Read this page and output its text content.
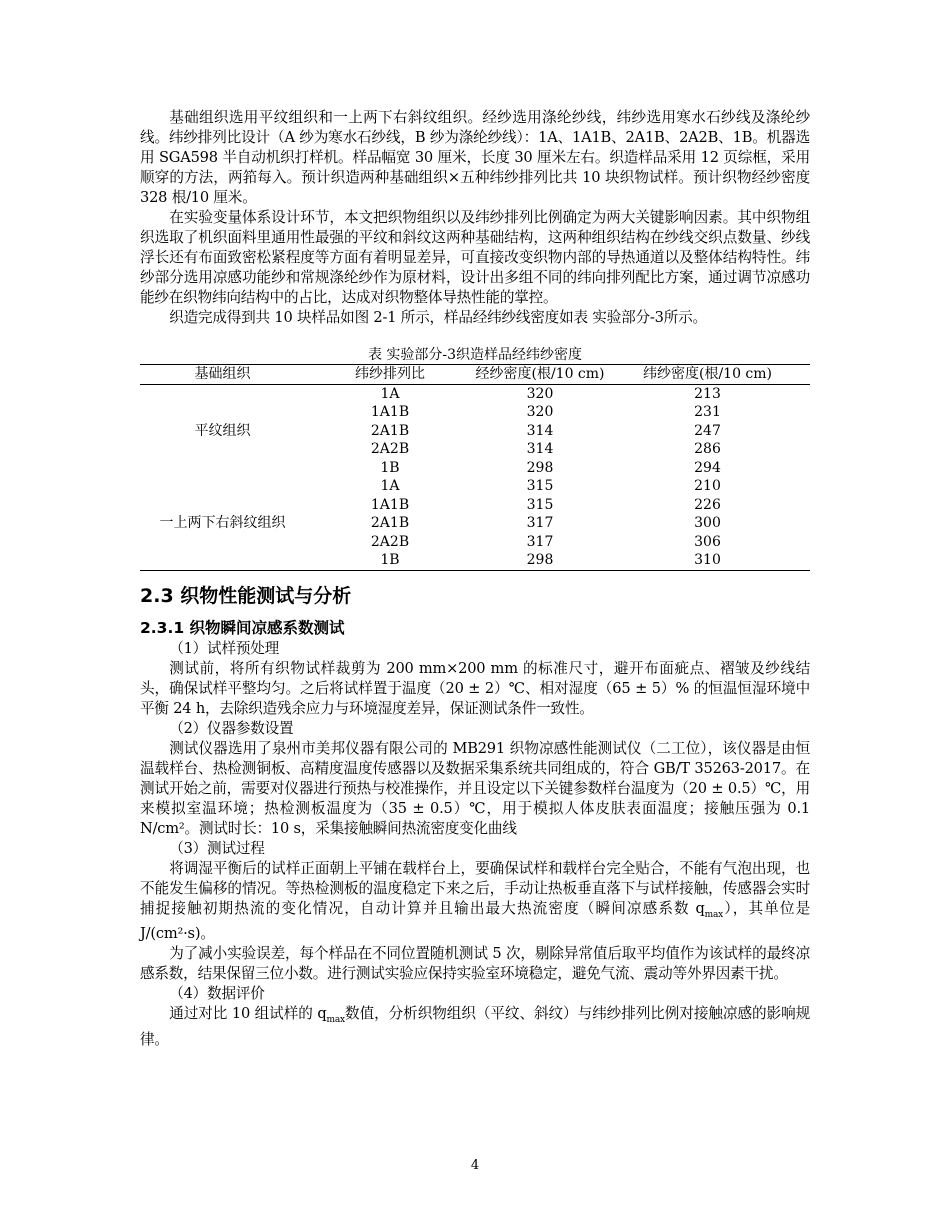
基础组织选用平纹组织和一上两下右斜纹组织。经纱选用涤纶纱线，纬纱选用寒水石纱线及涤纶纱线。纬纱排列比设计（A 纱为寒水石纱线，B 纱为涤纶纱线）：1A、1A1B、2A1B、2A2B、1B。机器选用 SGA598 半自动机织打样机。样品幅宽 30 厘米，长度 30 厘米左右。织造样品采用 12 页综框，采用顺穿的方法，两筘每入。预计织造两种基础组织×五种纬纱排列比共 10 块织物试样。预计织物经纱密度 328 根/10 厘米。

在实验变量体系设计环节，本文把织物组织以及纬纱排列比例确定为两大关键影响因素。其中织物组织选取了机织面料里通用性最强的平纹和斜纹这两种基础结构，这两种组织结构在纱线交织点数量、纱线浮长还有布面致密松紧程度等方面有着明显差异，可直接改变织物内部的导热通道以及整体结构特性。纬纱部分选用凉感功能纱和常规涤纶纱作为原材料，设计出多组不同的纬向排列配比方案，通过调节凉感功能纱在织物纬向结构中的占比，达成对织物整体导热性能的掌控。

织造完成得到共 10 块样品如图 2-1 所示，样品经纬纱线密度如表 实验部分-3所示。

表 实验部分-3织造样品经纬纱密度
基础组织	纬纱排列比	经纱密度(根/10 cm)	纬纱密度(根/10 cm)
平纹组织	1A	320	213
	1A1B	320	231
	2A1B	314	247
	2A2B	314	286
	1B	298	294
一上两下右斜纹组织	1A	315	210
	1A1B	315	226
	2A1B	317	300
	2A2B	317	306
	1B	298	310
2.3 织物性能测试与分析
2.3.1 织物瞬间凉感系数测试

（1）试样预处理

测试前，将所有织物试样裁剪为 200 mm×200 mm 的标准尺寸，避开布面疵点、褶皱及纱线结头，确保试样平整均匀。之后将试样置于温度（20 ± 2）℃、相对湿度（65 ± 5）% 的恒温恒湿环境中平衡 24 h，去除织造残余应力与环境湿度差异，保证测试条件一致性。

（2）仪器参数设置

测试仪器选用了泉州市美邦仪器有限公司的 MB291 织物凉感性能测试仪（二工位），该仪器是由恒温载样台、热检测铜板、高精度温度传感器以及数据采集系统共同组成的，符合 GB/T 35263-2017。在测试开始之前，需要对仪器进行预热与校准操作，并且设定以下关键参数样台温度为（20 ± 0.5）℃，用来模拟室温环境；热检测板温度为（35 ± 0.5）℃，用于模拟人体皮肤表面温度；接触压强为 0.1 N/cm²。测试时长：10 s，采集接触瞬间热流密度变化曲线

（3）测试过程

将调湿平衡后的试样正面朝上平铺在载样台上，要确保试样和载样台完全贴合，不能有气泡出现，也不能发生偏移的情况。等热检测板的温度稳定下来之后，手动让热板垂直落下与试样接触，传感器会实时捕捉接触初期热流的变化情况，自动计算并且输出最大热流密度（瞬间凉感系数 $q_{max}$），其单位是 J/(cm²·s)。

为了减小实验误差，每个样品在不同位置随机测试 5 次，剔除异常值后取平均值作为该试样的最终凉感系数，结果保留三位小数。进行测试实验应保持实验室环境稳定，避免气流、震动等外界因素干扰。

（4）数据评价

通过对比 10 组试样的 $q_{max}$数值，分析织物组织（平纹、斜纹）与纬纱排列比例对接触凉感的影响规律。

4
